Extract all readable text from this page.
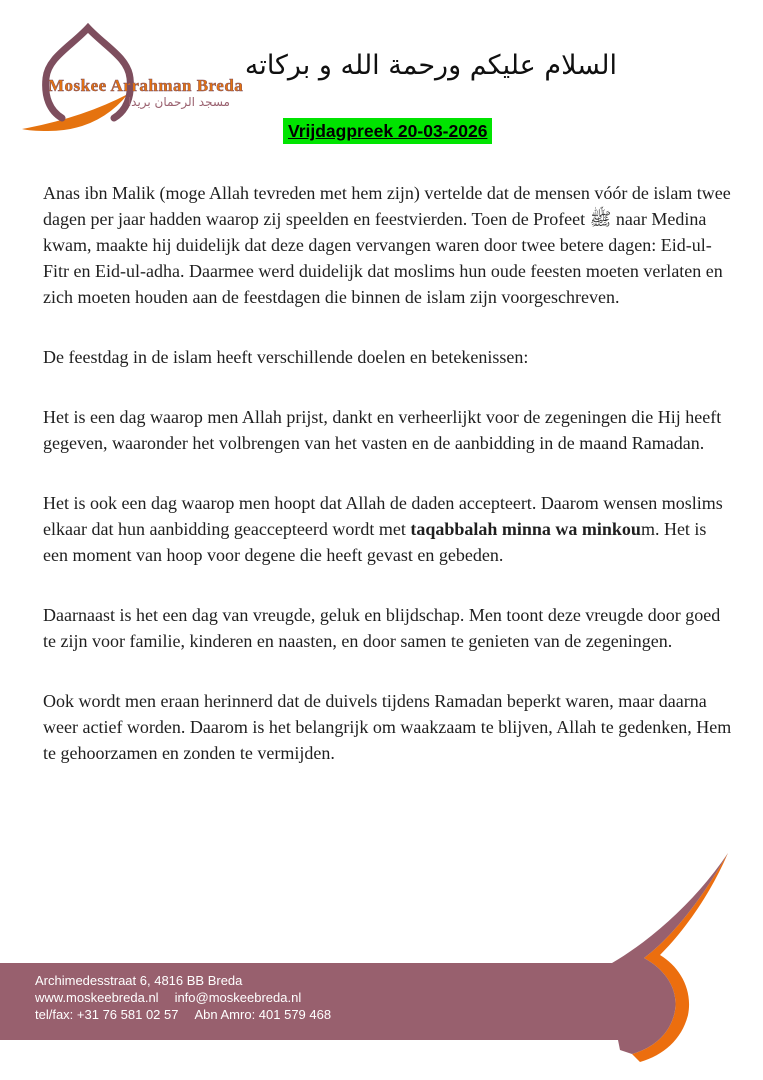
Moskee Arrahman Breda
مسجد الرحمان بريدا
السلام عليكم ورحمة الله و بركاته
Vrijdagpreek 20-03-2026

Anas ibn Malik (moge Allah tevreden met hem zijn) vertelde dat de mensen vóór de islam twee dagen per jaar hadden waarop zij speelden en feestvierden. Toen de Profeet ﷺ naar Medina kwam, maakte hij duidelijk dat deze dagen vervangen waren door twee betere dagen: Eid-ul-Fitr en Eid-ul-adha. Daarmee werd duidelijk dat moslims hun oude feesten moeten verlaten en zich moeten houden aan de feestdagen die binnen de islam zijn voorgeschreven.

De feestdag in de islam heeft verschillende doelen en betekenissen:

Het is een dag waarop men Allah prijst, dankt en verheerlijkt voor de zegeningen die Hij heeft gegeven, waaronder het volbrengen van het vasten en de aanbidding in de maand Ramadan.

Het is ook een dag waarop men hoopt dat Allah de daden accepteert. Daarom wensen moslims elkaar dat hun aanbidding geaccepteerd wordt met taqabbalah minna wa minkoum. Het is een moment van hoop voor degene die heeft gevast en gebeden.

Daarnaast is het een dag van vreugde, geluk en blijdschap. Men toont deze vreugde door goed te zijn voor familie, kinderen en naasten, en door samen te genieten van de zegeningen.

Ook wordt men eraan herinnerd dat de duivels tijdens Ramadan beperkt waren, maar daarna weer actief worden. Daarom is het belangrijk om waakzaam te blijven, Allah te gedenken, Hem te gehoorzamen en zonden te vermijden.

Archimedesstraat 6, 4816 BB Breda
www.moskeebreda.nl info@moskeebreda.nl
tel/fax: +31 76 581 02 57 Abn Amro: 401 579 468
